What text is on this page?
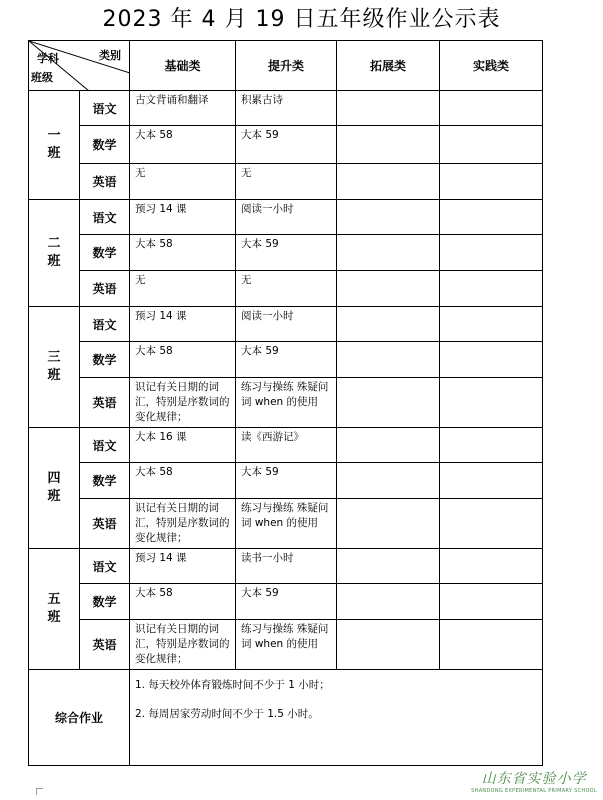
2023 年 4 月 19 日五年级作业公示表
学科 类别
班级		基础类	提升类	拓展类	实践类
一
班	语文	古文背诵和翻译	积累古诗		
	数学	大本 58	大本 59		
	英语	无	无		
二
班	语文	预习 14 课	阅读一小时		
	数学	大本 58	大本 59		
	英语	无	无		
三
班	语文	预习 14 课	阅读一小时		
	数学	大本 58	大本 59		
	英语	识记有关日期的词汇，特别是序数词的变化规律；	练习与操练 殊疑问词 when 的使用		
四
班	语文	大本 16 课	读《西游记》		
	数学	大本 58	大本 59		
	英语	识记有关日期的词汇，特别是序数词的变化规律；	练习与操练 殊疑问词 when 的使用		
五
班	语文	预习 14 课	读书一小时		
	数学	大本 58	大本 59		
	英语	识记有关日期的词汇，特别是序数词的变化规律；	练习与操练 殊疑问词 when 的使用		
综合作业		1. 每天校外体育锻炼时间不少于 1 小时；
2. 每周居家劳动时间不少于 1.5 小时。			
山东省实验小学
SHANDONG EXPERIMENTAL PRIMARY SCHOOL
